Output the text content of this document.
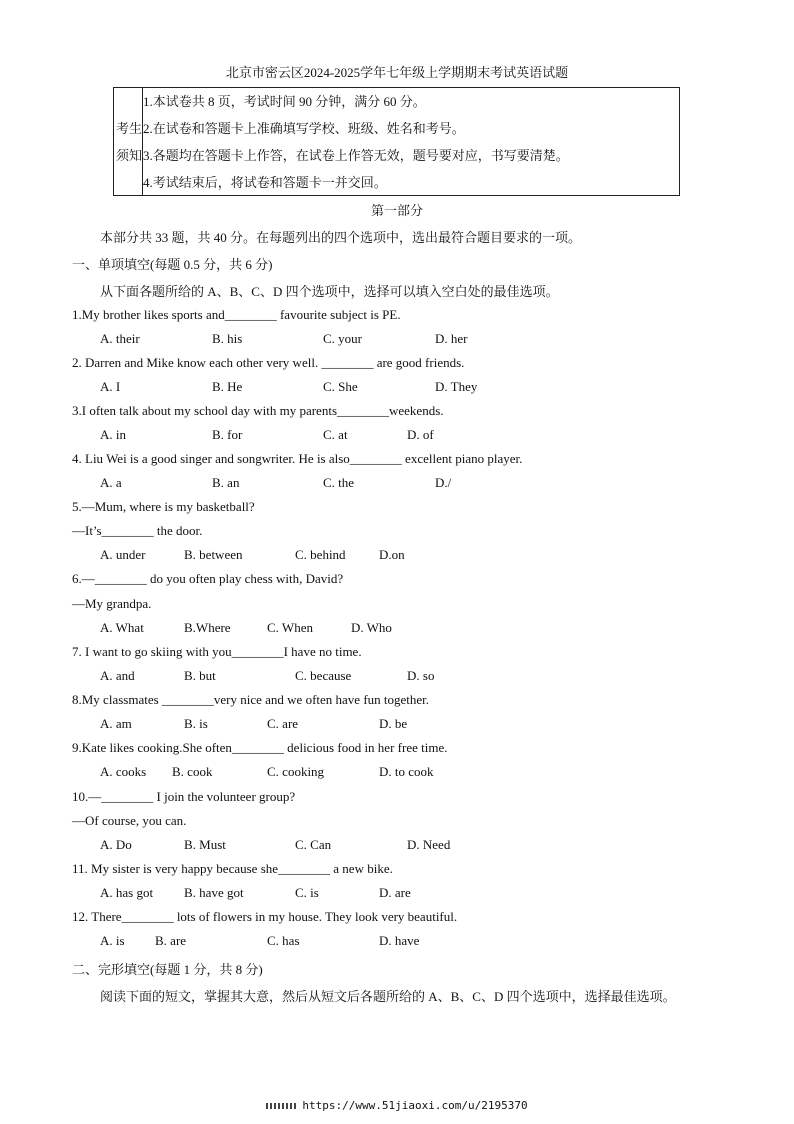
北京市密云区2024-2025学年七年级上学期期末考试英语试题
考生
须知
1.本试卷共 8 页，考试时间 90 分钟，满分 60 分。
2.在试卷和答题卡上准确填写学校、班级、姓名和考号。
3.各题均在答题卡上作答，在试卷上作答无效，题号要对应，书写要清楚。
4.考试结束后，将试卷和答题卡一并交回。
第一部分
本部分共 33 题，共 40 分。在每题列出的四个选项中，选出最符合题目要求的一项。
一、单项填空(每题 0.5 分，共 6 分)
从下面各题所给的 A、B、C、D 四个选项中，选择可以填入空白处的最佳选项。
1.My brother likes sports and________ favourite subject is PE.
A. their	B. his	C. your	D. her
2. Darren and Mike know each other very well. ________ are good friends.
A. I	B. He	C. She	D. They
3.I often talk about my school day with my parents________weekends.
A. in	B. for	C. at	D. of
4. Liu Wei is a good singer and songwriter. He is also________ excellent piano player.
A. a	B. an	C. the	D./
5.—Mum, where is my basketball?
—It’s________ the door.
A. under	B. between	C. behind	D.on
6.—________ do you often play chess with, David?
—My grandpa.
A. What	B.Where	C. When	D. Who
7. I want to go skiing with you________I have no time.
A. and	B. but	C. because	D. so
8.My classmates ________very nice and we often have fun together.
A. am	B. is	C. are	D. be
9.Kate likes cooking.She often________ delicious food in her free time.
A. cooks B. cook	C. cooking	D. to cook
10.—________ I join the volunteer group?
—Of course, you can.
A. Do	B. Must	C. Can	D. Need
11. My sister is very happy because she________ a new bike.
A. has got B. have got	C. is	D. are
12. There________ lots of flowers in my house. They look very beautiful.
A. is B. are	C. has	D. have
二、完形填空(每题 1 分，共 8 分)
阅读下面的短文，掌握其大意，然后从短文后各题所给的 A、B、C、D 四个选项中，选择最佳选项。
https://www.51jiaoxi.com/u/2195370
